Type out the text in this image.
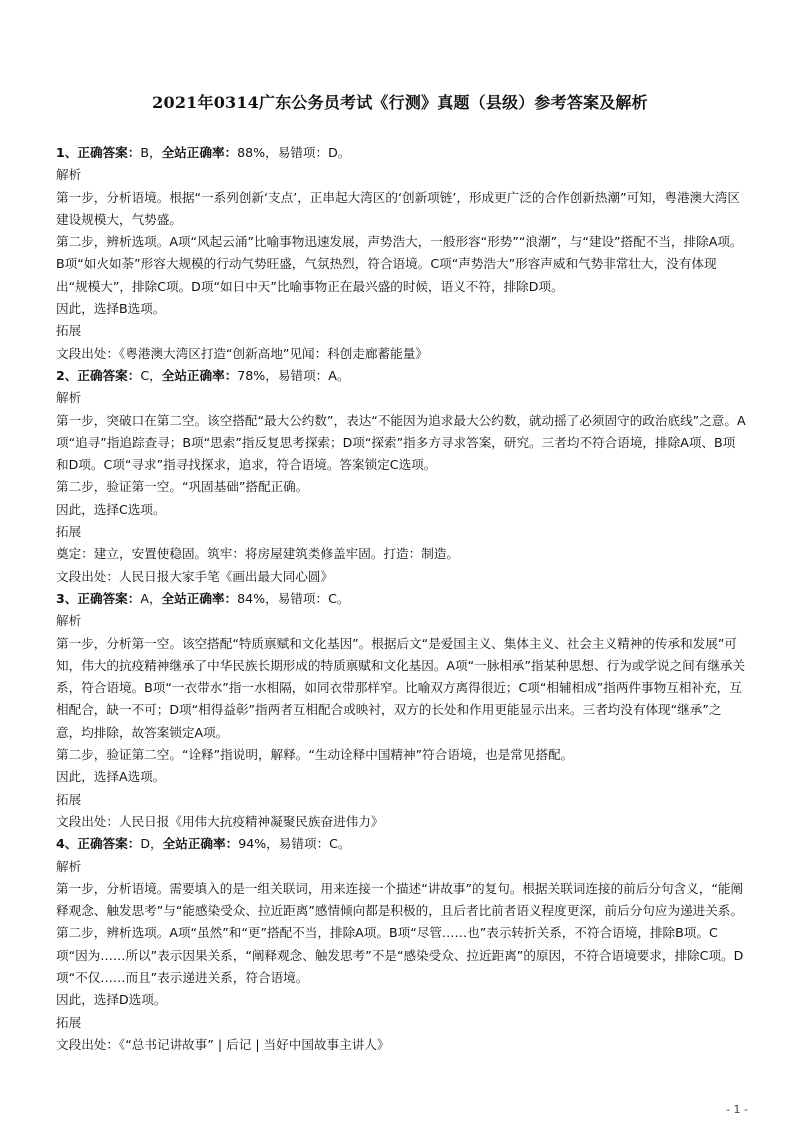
2021年0314广东公务员考试《行测》真题（县级）参考答案及解析

1、正确答案：B，全站正确率：88%，易错项：D。

解析

第一步，分析语境。根据“一系列创新‘支点’，正串起大湾区的‘创新项链’，形成更广泛的合作创新热潮”可知，粤港澳大湾区建设规模大，气势盛。

第二步，辨析选项。A项“风起云涌”比喻事物迅速发展，声势浩大，一般形容“形势”“浪潮”，与“建设”搭配不当，排除A项。B项“如火如荼”形容大规模的行动气势旺盛，气氛热烈，符合语境。C项“声势浩大”形容声威和气势非常壮大，没有体现出“规模大”，排除C项。D项“如日中天”比喻事物正在最兴盛的时候，语义不符，排除D项。

因此，选择B选项。

拓展

文段出处：《粤港澳大湾区打造“创新高地”见闻：科创走廊蓄能量》

2、正确答案：C，全站正确率：78%，易错项：A。

解析

第一步，突破口在第二空。该空搭配“最大公约数”，表达“不能因为追求最大公约数，就动摇了必须固守的政治底线”之意。A项“追寻”指追踪查寻；B项“思索”指反复思考探索；D项“探索”指多方寻求答案，研究。三者均不符合语境，排除A项、B项和D项。C项“寻求”指寻找探求，追求，符合语境。答案锁定C选项。

第二步，验证第一空。“巩固基础”搭配正确。

因此，选择C选项。

拓展

奠定：建立，安置使稳固。筑牢：将房屋建筑类修盖牢固。打造：制造。

文段出处：人民日报大家手笔《画出最大同心圆》

3、正确答案：A，全站正确率：84%，易错项：C。

解析

第一步，分析第一空。该空搭配“特质禀赋和文化基因”。根据后文“是爱国主义、集体主义、社会主义精神的传承和发展”可知，伟大的抗疫精神继承了中华民族长期形成的特质禀赋和文化基因。A项“一脉相承”指某种思想、行为或学说之间有继承关系，符合语境。B项“一衣带水”指一水相隔，如同衣带那样窄。比喻双方离得很近；C项“相辅相成”指两件事物互相补充，互相配合，缺一不可；D项“相得益彰”指两者互相配合或映衬，双方的长处和作用更能显示出来。三者均没有体现“继承”之意，均排除，故答案锁定A项。

第二步，验证第二空。“诠释”指说明，解释。“生动诠释中国精神”符合语境，也是常见搭配。

因此，选择A选项。

拓展

文段出处：人民日报《用伟大抗疫精神凝聚民族奋进伟力》

4、正确答案：D，全站正确率：94%，易错项：C。

解析

第一步，分析语境。需要填入的是一组关联词，用来连接一个描述“讲故事”的复句。根据关联词连接的前后分句含义，“能阐释观念、触发思考”与“能感染受众、拉近距离”感情倾向都是积极的，且后者比前者语义程度更深，前后分句应为递进关系。

第二步，辨析选项。A项“虽然”和“更”搭配不当，排除A项。B项“尽管……也”表示转折关系，不符合语境，排除B项。C项“因为……所以”表示因果关系，“阐释观念、触发思考”不是“感染受众、拉近距离”的原因，不符合语境要求，排除C项。D项“不仅……而且”表示递进关系，符合语境。

因此，选择D选项。

拓展

文段出处：《“总书记讲故事” | 后记 | 当好中国故事主讲人》

- 1 -
